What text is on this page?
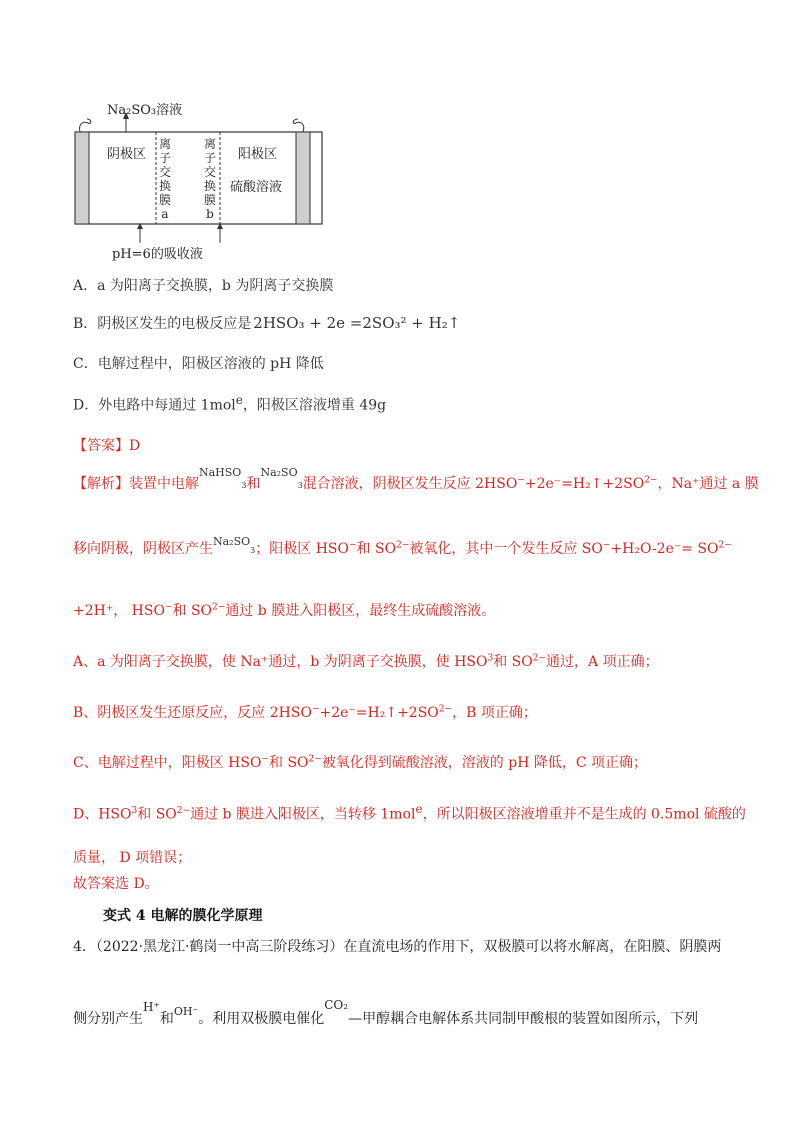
Na₂SO₃溶液
阴极区	阳极区
硫酸溶液
离
子
交
换
膜
a
离
子
交
换
膜
b
pH=6的吸收液
A．a 为阳离子交换膜，b 为阴离子交换膜
B．阴极区发生的电极反应是 2HSO₃ + 2e =2SO₃² + H₂↑
C．电解过程中，阳极区溶液的 pH 降低
D．外电路中每通过 1mole，阳极区溶液增重 49g
【答案】D
【解析】装置中电解$^{NaHSO}$3和$^{Na_2SO}$3混合溶液，阴极区发生反应 $2HSO^-+2e^-=H_2↑+2SO^{2-}$，Na⁺通过 a 膜
移向阴极，阴极区产生$^{Na_2SO}$3；阳极区 HSO−和 $SO^{2-}$被氧化，其中一个发生反应 $SO^-+H_2O-2e^-= SO^{2-}$
+2H⁺， HSO−和 $SO^{2-}$通过 b 膜进入阳极区，最终生成硫酸溶液。
A、a 为阳离子交换膜，使 Na⁺通过，b 为阴离子交换膜，使 HSO$^3$和 $SO^{2-}$通过，A 项正确；
B、阴极区发生还原反应，反应 $2HSO^-+2e^-=H_2↑+2SO^{2-}$，B 项正确；
C、电解过程中，阳极区 HSO−和 $SO^{2-}$被氧化得到硫酸溶液，溶液的 pH 降低，C 项正确；
D、HSO$^3$和 $SO^{2-}$通过 b 膜进入阳极区，当转移 1mole，所以阳极区溶液增重并不是生成的 0.5mol 硫酸的
质量， D 项错误；
故答案选 D。
变式 4 电解的膜化学原理
4．（2022·黑龙江·鹤岗一中高三阶段练习）在直流电场的作用下，双极膜可以将水解离，在阳膜、阴膜两
侧分别产生H⁺和$^{OH^-}$。利用双极膜电催化CO₂—甲醇耦合电解体系共同制甲酸根的装置如图所示，下列
